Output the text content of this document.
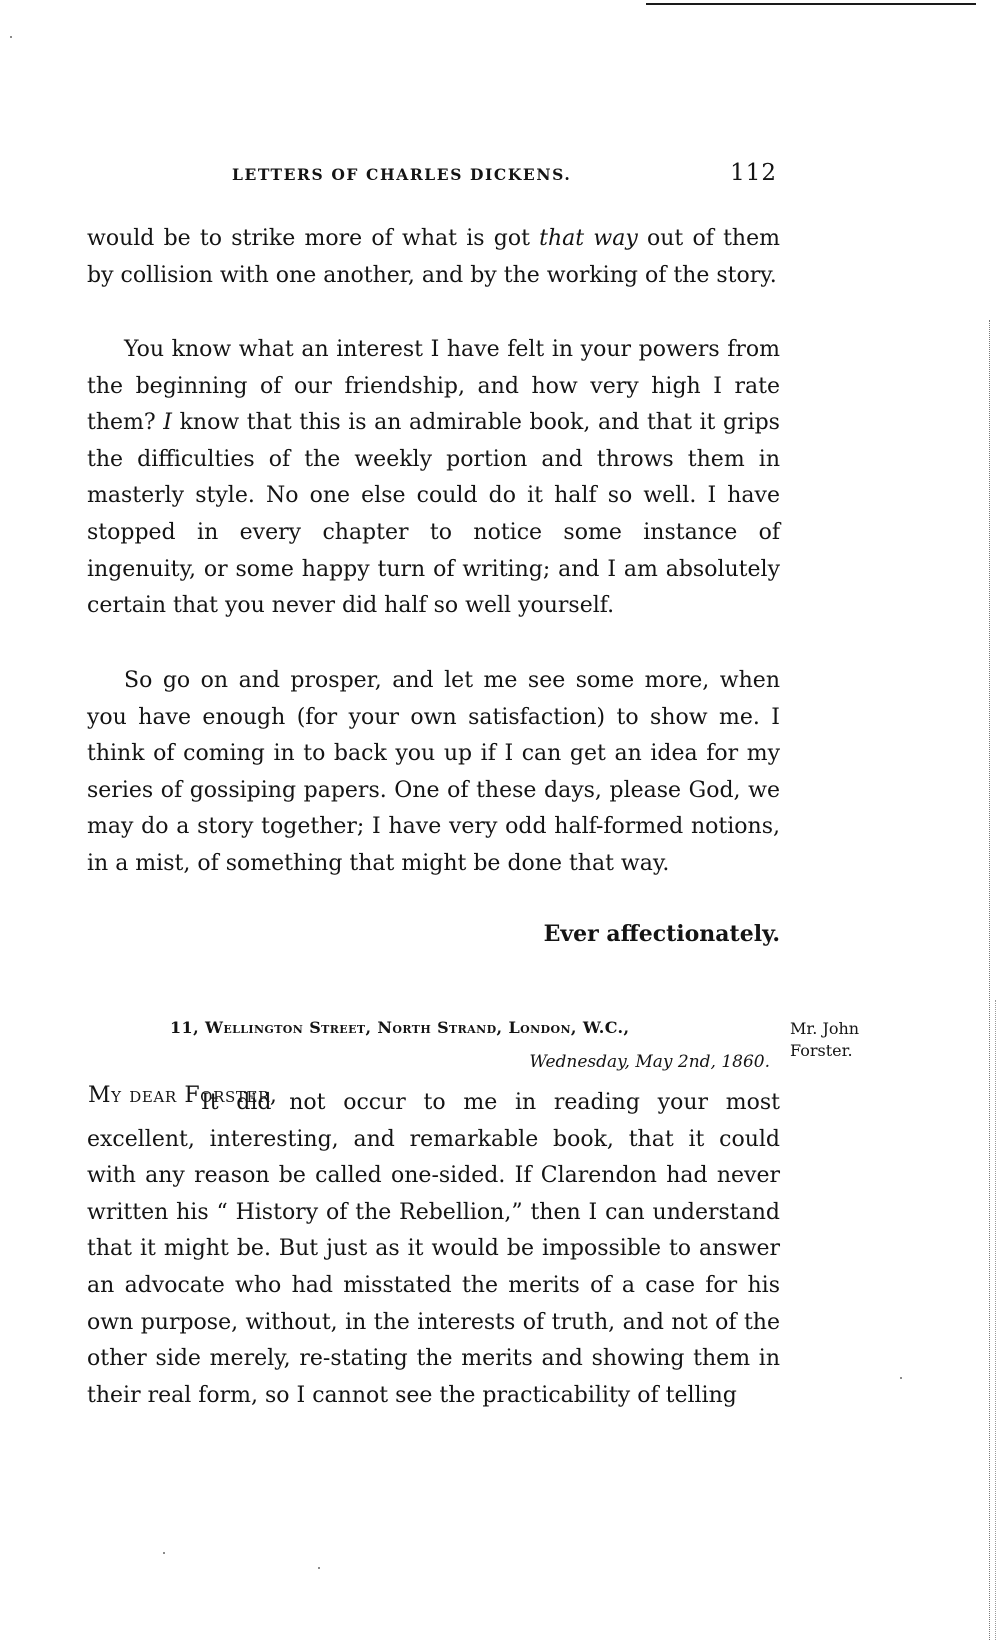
LETTERS OF CHARLES DICKENS.	112

would be to strike more of what is got that way out of them by collision with one another, and by the working of the story.

You know what an interest I have felt in your powers from the beginning of our friendship, and how very high I rate them? I know that this is an admirable book, and that it grips the difficulties of the weekly portion and throws them in masterly style. No one else could do it half so well. I have stopped in every chapter to notice some instance of ingenuity, or some happy turn of writing; and I am absolutely certain that you never did half so well yourself.

So go on and prosper, and let me see some more, when you have enough (for your own satisfaction) to show me. I think of coming in to back you up if I can get an idea for my series of gossiping papers. One of these days, please God, we may do a story together; I have very odd half-formed notions, in a mist, of something that might be done that way.

Ever affectionately.

11, Wellington Street, North Strand, London, W.C.,

Wednesday, May 2nd, 1860.

Mr. John Forster.

My dear Forster,

It did not occur to me in reading your most excellent, interesting, and remarkable book, that it could with any reason be called one-sided. If Clarendon had never written his “ History of the Rebellion,” then I can understand that it might be. But just as it would be impossible to answer an advocate who had misstated the merits of a case for his own purpose, without, in the interests of truth, and not of the other side merely, re-stating the merits and showing them in their real form, so I cannot see the practicability of telling
